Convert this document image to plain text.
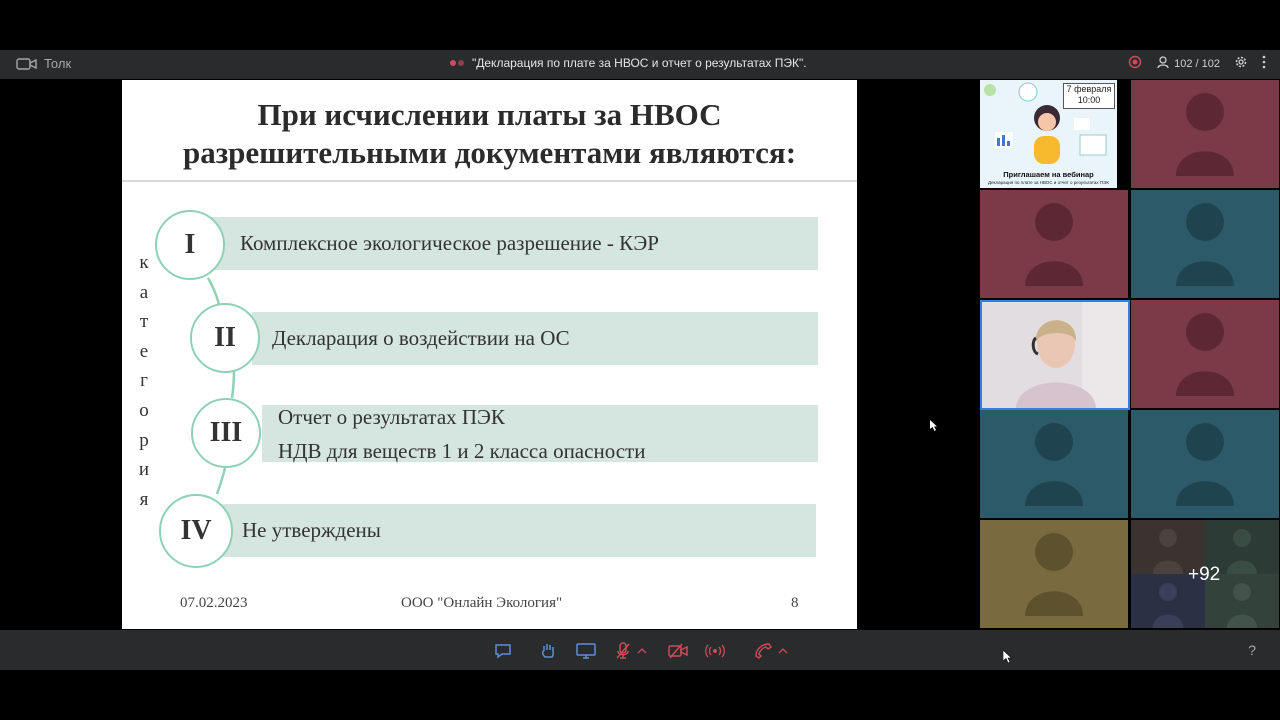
Толк	"Декларация по плате за НВОС и отчет о результатах ПЭК".	102 / 102
При исчислении платы за НВОС
разрешительными документами являются:
к
а
т
е
г
о
р
и
я
Комплексное экологическое разрешение - КЭР
I
Декларация о воздействии на ОС
II
Отчет о результатах ПЭК
НДВ для веществ 1 и 2 класса опасности
III
Не утверждены
IV
07.02.2023	ООО "Онлайн Экология"	8
7 февраля
10:00
Приглашаем на вебинар
Декларация по плате за НВОС и отчет о результатах ПЭК
+92
?
